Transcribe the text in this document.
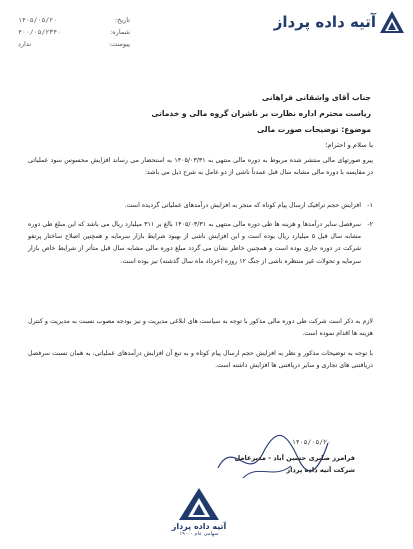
آتیه داده پرداز
تاریخ:
۱۴۰۵/۰۵/۲۰
شماره:
۴۰۰/۰۵/۲۳۴۰
پیوست:
ندارد
جناب آقای واشقانی فراهانی
ریاست محترم اداره نظارت بر ناشران گروه مالی و خدماتی
موضوع: توضیحات صورت مالی
با سلام و احترام؛
پیرو صورتهای مالی منتشر شده مربوط به دوره مالی منتهی به ۱۴۰۵/۰۳/۳۱ به استحضار می رساند افزایش محسوس سود عملیاتی در مقایسه با دوره مالی مشابه سال قبل عمدتاً ناشی از دو عامل به شرح ذیل می باشد:
۱-
افزایش حجم ترافیک ارسال پیام کوتاه که منجر به افزایش درآمدهای عملیاتی گردیده است.
۲-
سرفصل سایر درآمدها و هزینه ها طی دوره مالی منتهی به ۱۴۰۵/۰۳/۳۱ بالغ بر ۳۱۱ میلیارد ریال می باشد که این مبلغ طی دوره مشابه سال قبل ۵ میلیارد ریال بوده است و این افزایش ناشی از بهبود شرایط بازار سرمایه و همچنین اصلاح ساختار پرتفو شرکت در دوره جاری بوده است و همچنین خاطر نشان می گردد مبلغ دوره مالی مشابه سال قبل متأثر از شرایط خاص بازار سرمایه و تحولات غیر منتظره ناشی از جنگ ۱۲ روزه (خرداد ماه سال گذشته) نیز بوده است.
لازم به ذکر است شرکت طی دوره مالی مذکور با توجه به سیاست های ابلاغی مدیریت و نیز بودجه مصوب نسبت به مدیریت و کنترل هزینه ها اقدام نموده است.
با توجه به توضیحات مذکور و نظر به افزایش حجم ارسال پیام کوتاه و به تبع آن افزایش درآمدهای عملیاتی، به همان نسبت سرفصل دریافتنی های تجاری و سایر دریافتنی ها افزایش داشته است.
۱۴۰۵/۰۵/۲۰
فرامرز صابری حسین آباد - مدیرعامل
شرکت آتیه داده پرداز
آتیه داده پرداز
سهامی عام ۱۹۰۰۰
